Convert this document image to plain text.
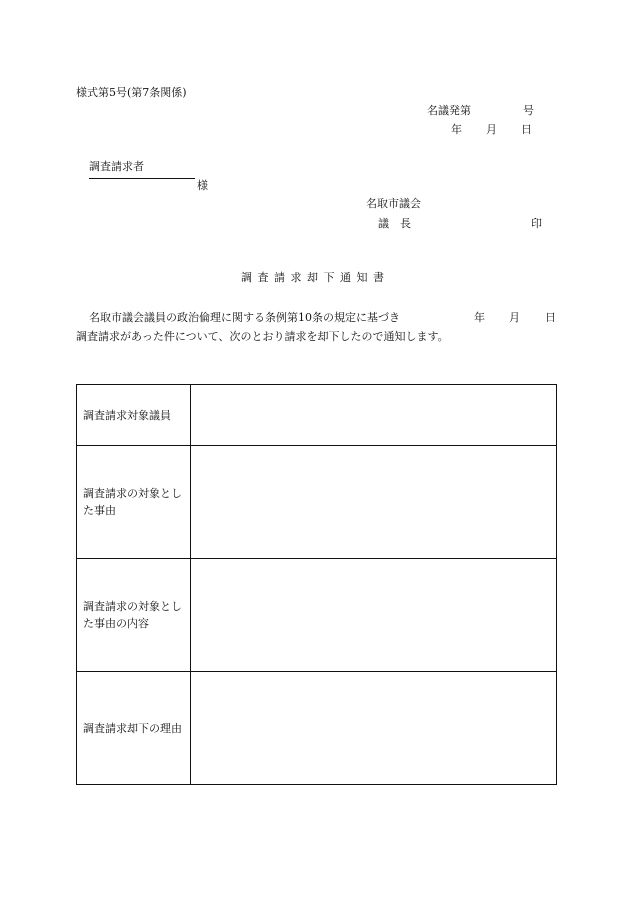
様式第5号(第7条関係)
名議発第	号
年 月 日
調査請求者
様
名取市議会
議　長	印
調 査 請 求 却 下 通 知 書
名取市議会議員の政治倫理に関する条例第10条の規定に基づき	年 月 日
調査請求があった件について、次のとおり請求を却下したので通知します。
調査請求対象議員	
調査請求の対象とした事由	
調査請求の対象とした事由の内容	
調査請求却下の理由	
